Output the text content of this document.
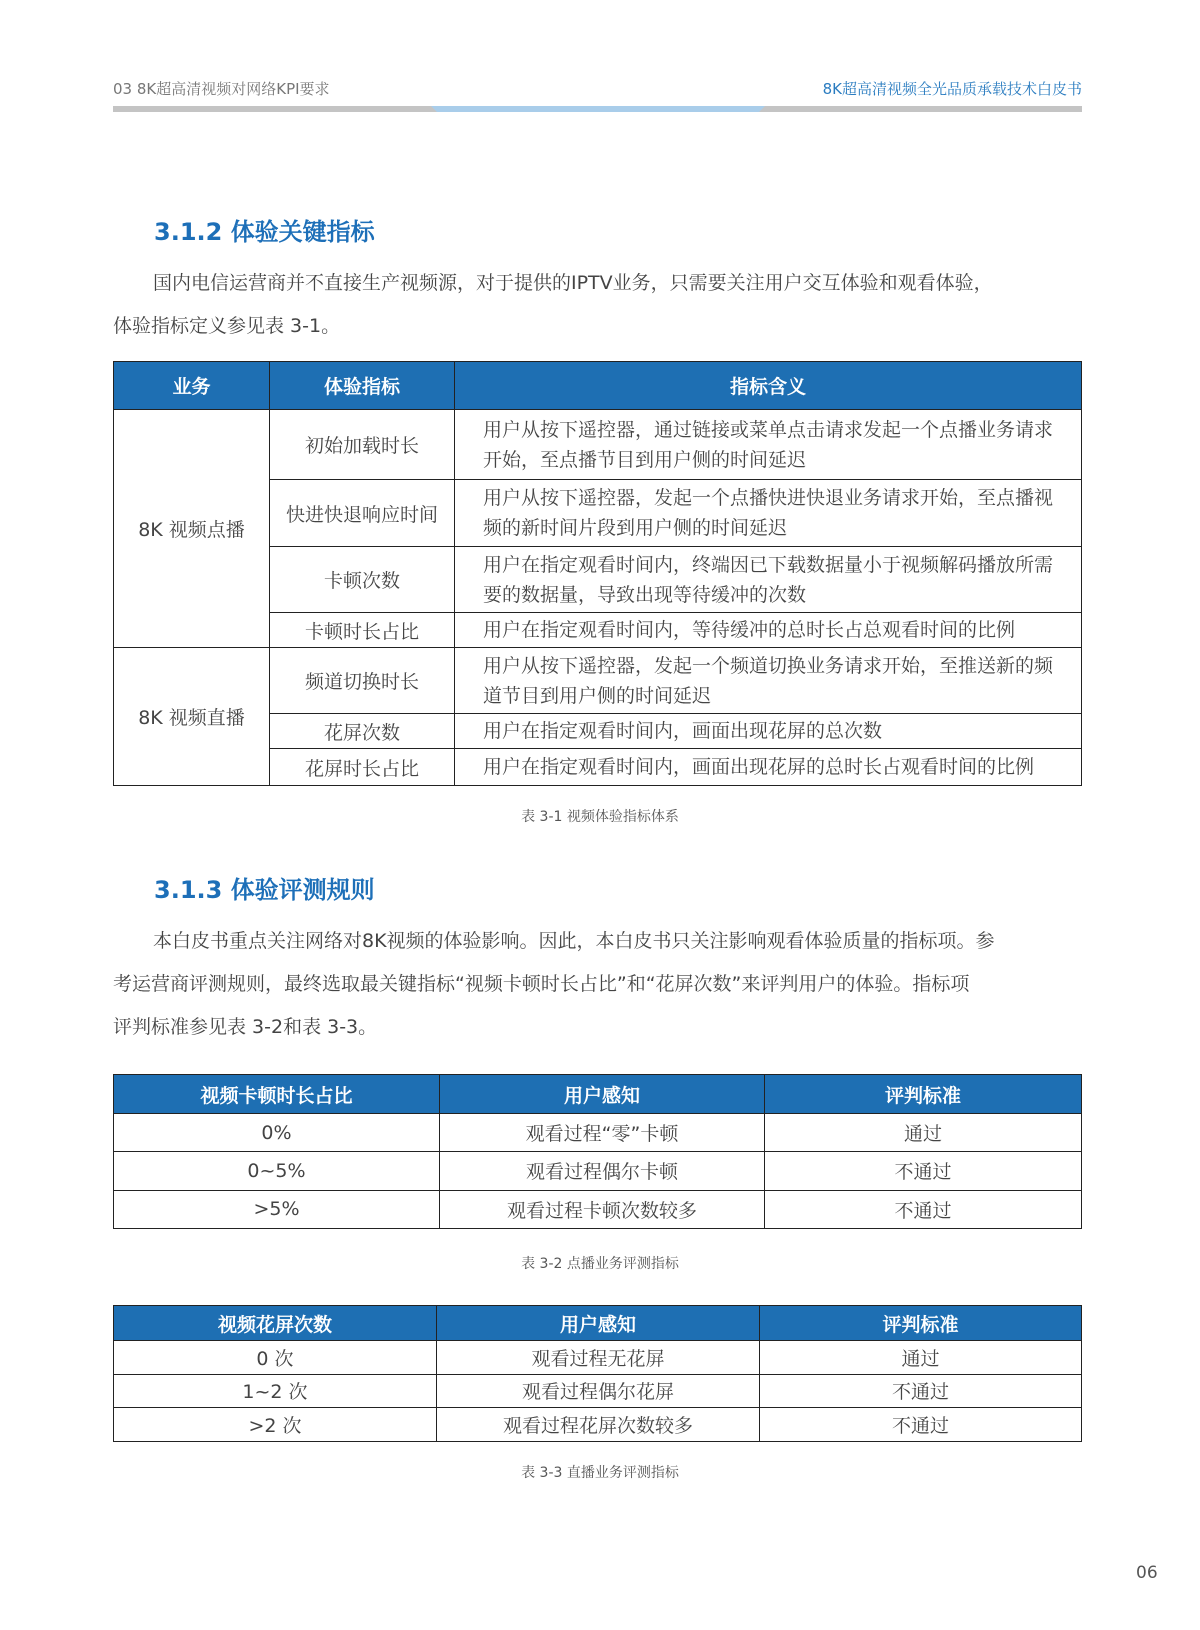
03 8K超高清视频对网络KPI要求	8K超高清视频全光品质承载技术白皮书
3.1.2 体验关键指标
国内电信运营商并不直接生产视频源，对于提供的IPTV业务，只需要关注用户交互体验和观看体验，
体验指标定义参见表 3-1。
业务	体验指标	指标含义
8K 视频点播	初始加载时长	用户从按下遥控器，通过链接或菜单点击请求发起一个点播业务请求开始，至点播节目到用户侧的时间延迟
	快进快退响应时间	用户从按下遥控器，发起一个点播快进快退业务请求开始，至点播视频的新时间片段到用户侧的时间延迟
	卡顿次数	用户在指定观看时间内，终端因已下载数据量小于视频解码播放所需要的数据量，导致出现等待缓冲的次数
	卡顿时长占比	用户在指定观看时间内，等待缓冲的总时长占总观看时间的比例
8K 视频直播	频道切换时长	用户从按下遥控器，发起一个频道切换业务请求开始，至推送新的频道节目到用户侧的时间延迟
	花屏次数	用户在指定观看时间内，画面出现花屏的总次数
	花屏时长占比	用户在指定观看时间内，画面出现花屏的总时长占观看时间的比例
表 3-1 视频体验指标体系
3.1.3 体验评测规则
本白皮书重点关注网络对8K视频的体验影响。因此，本白皮书只关注影响观看体验质量的指标项。参
考运营商评测规则，最终选取最关键指标“视频卡顿时长占比”和“花屏次数”来评判用户的体验。指标项
评判标准参见表 3-2和表 3-3。
视频卡顿时长占比	用户感知	评判标准
0%	观看过程“零”卡顿	通过
0~5%	观看过程偶尔卡顿	不通过
>5%	观看过程卡顿次数较多	不通过
表 3-2 点播业务评测指标
视频花屏次数	用户感知	评判标准
0 次	观看过程无花屏	通过
1~2 次	观看过程偶尔花屏	不通过
>2 次	观看过程花屏次数较多	不通过
表 3-3 直播业务评测指标
06
